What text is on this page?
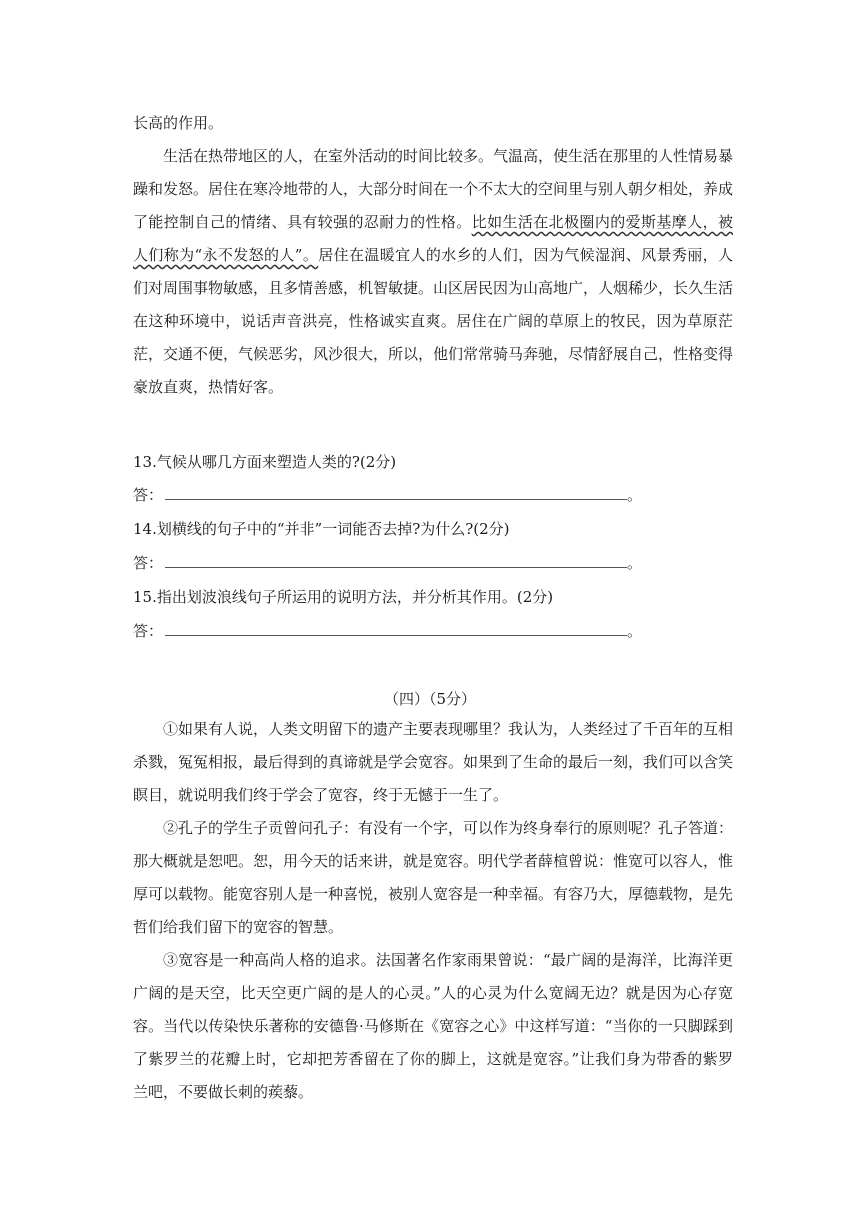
长高的作用。

生活在热带地区的人，在室外活动的时间比较多。气温高，使生活在那里的人性情易暴躁和发怒。居住在寒冷地带的人，大部分时间在一个不太大的空间里与别人朝夕相处，养成了能控制自己的情绪、具有较强的忍耐力的性格。比如生活在北极圈内的爱斯基摩人，被人们称为“永不发怒的人”。居住在温暖宜人的水乡的人们，因为气候湿润、风景秀丽，人们对周围事物敏感，且多情善感，机智敏捷。山区居民因为山高地广，人烟稀少，长久生活在这种环境中，说话声音洪亮，性格诚实直爽。居住在广阔的草原上的牧民，因为草原茫茫，交通不便，气候恶劣，风沙很大，所以，他们常常骑马奔驰，尽情舒展自己，性格变得豪放直爽，热情好客。

13.气候从哪几方面来塑造人类的?(2分)

答：	。

14.划横线的句子中的“并非”一词能否去掉?为什么?(2分)

答：	。

15.指出划波浪线句子所运用的说明方法，并分析其作用。(2分)

答：	。
（四）（5分）

①如果有人说，人类文明留下的遗产主要表现哪里？我认为，人类经过了千百年的互相杀戮，冤冤相报，最后得到的真谛就是学会宽容。如果到了生命的最后一刻，我们可以含笑瞑目，就说明我们终于学会了宽容，终于无憾于一生了。

②孔子的学生子贡曾问孔子：有没有一个字，可以作为终身奉行的原则呢？孔子答道：那大概就是恕吧。恕，用今天的话来讲，就是宽容。明代学者薛楦曾说：惟宽可以容人，惟厚可以载物。能宽容别人是一种喜悦，被别人宽容是一种幸福。有容乃大，厚德载物，是先哲们给我们留下的宽容的智慧。

③宽容是一种高尚人格的追求。法国著名作家雨果曾说：“最广阔的是海洋，比海洋更广阔的是天空，比天空更广阔的是人的心灵。”人的心灵为什么宽阔无边？就是因为心存宽容。当代以传染快乐著称的安德鲁·马修斯在《宽容之心》中这样写道：“当你的一只脚踩到了紫罗兰的花瓣上时，它却把芳香留在了你的脚上，这就是宽容。”让我们身为带香的紫罗兰吧，不要做长刺的蒺藜。
